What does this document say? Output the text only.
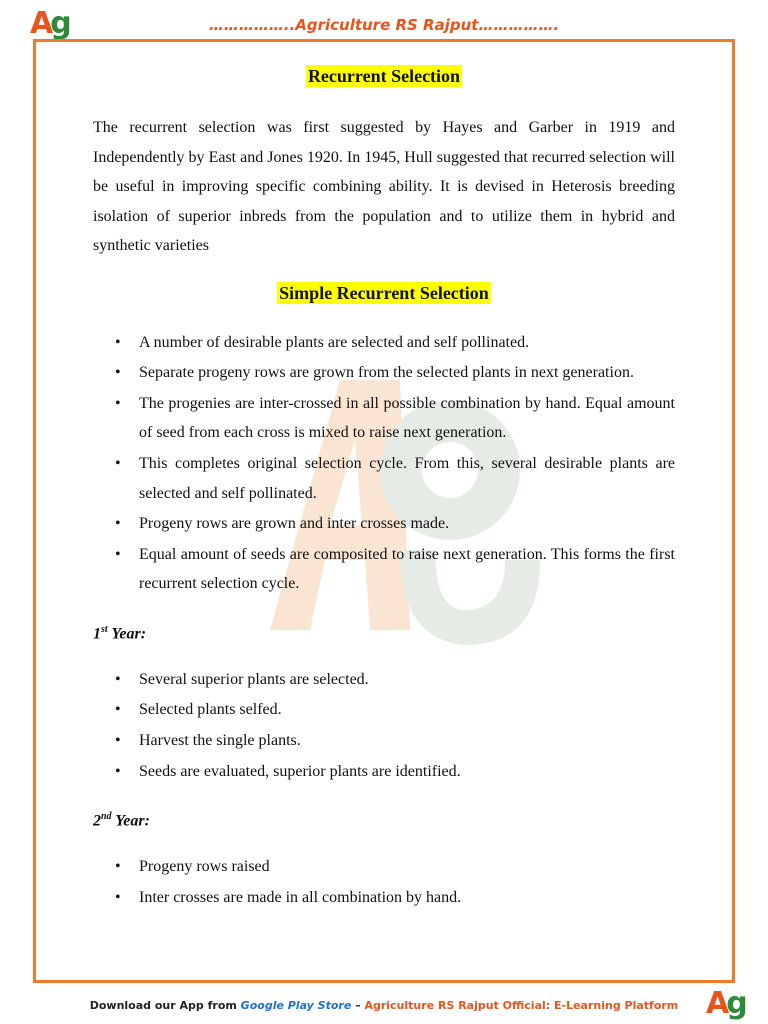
Ag	……………..Agriculture RS Rajput…………….
Recurrent Selection

The recurrent selection was first suggested by Hayes and Garber in 1919 and Independently by East and Jones 1920. In 1945, Hull suggested that recurred selection will be useful in improving specific combining ability. It is devised in Heterosis breeding isolation of superior inbreds from the population and to utilize them in hybrid and synthetic varieties

Simple Recurrent Selection
• A number of desirable plants are selected and self pollinated.
• Separate progeny rows are grown from the selected plants in next generation.
• The progenies are inter-crossed in all possible combination by hand. Equal amount of seed from each cross is mixed to raise next generation.
• This completes original selection cycle. From this, several desirable plants are selected and self pollinated.
• Progeny rows are grown and inter crosses made.
• Equal amount of seeds are composited to raise next generation. This forms the first recurrent selection cycle.

1st Year:

• Several superior plants are selected.
• Selected plants selfed.
• Harvest the single plants.
• Seeds are evaluated, superior plants are identified.

2nd Year:

• Progeny rows raised
• Inter crosses are made in all combination by hand.
Download our App from Google Play Store – Agriculture RS Rajput Official: E-Learning Platform Ag
